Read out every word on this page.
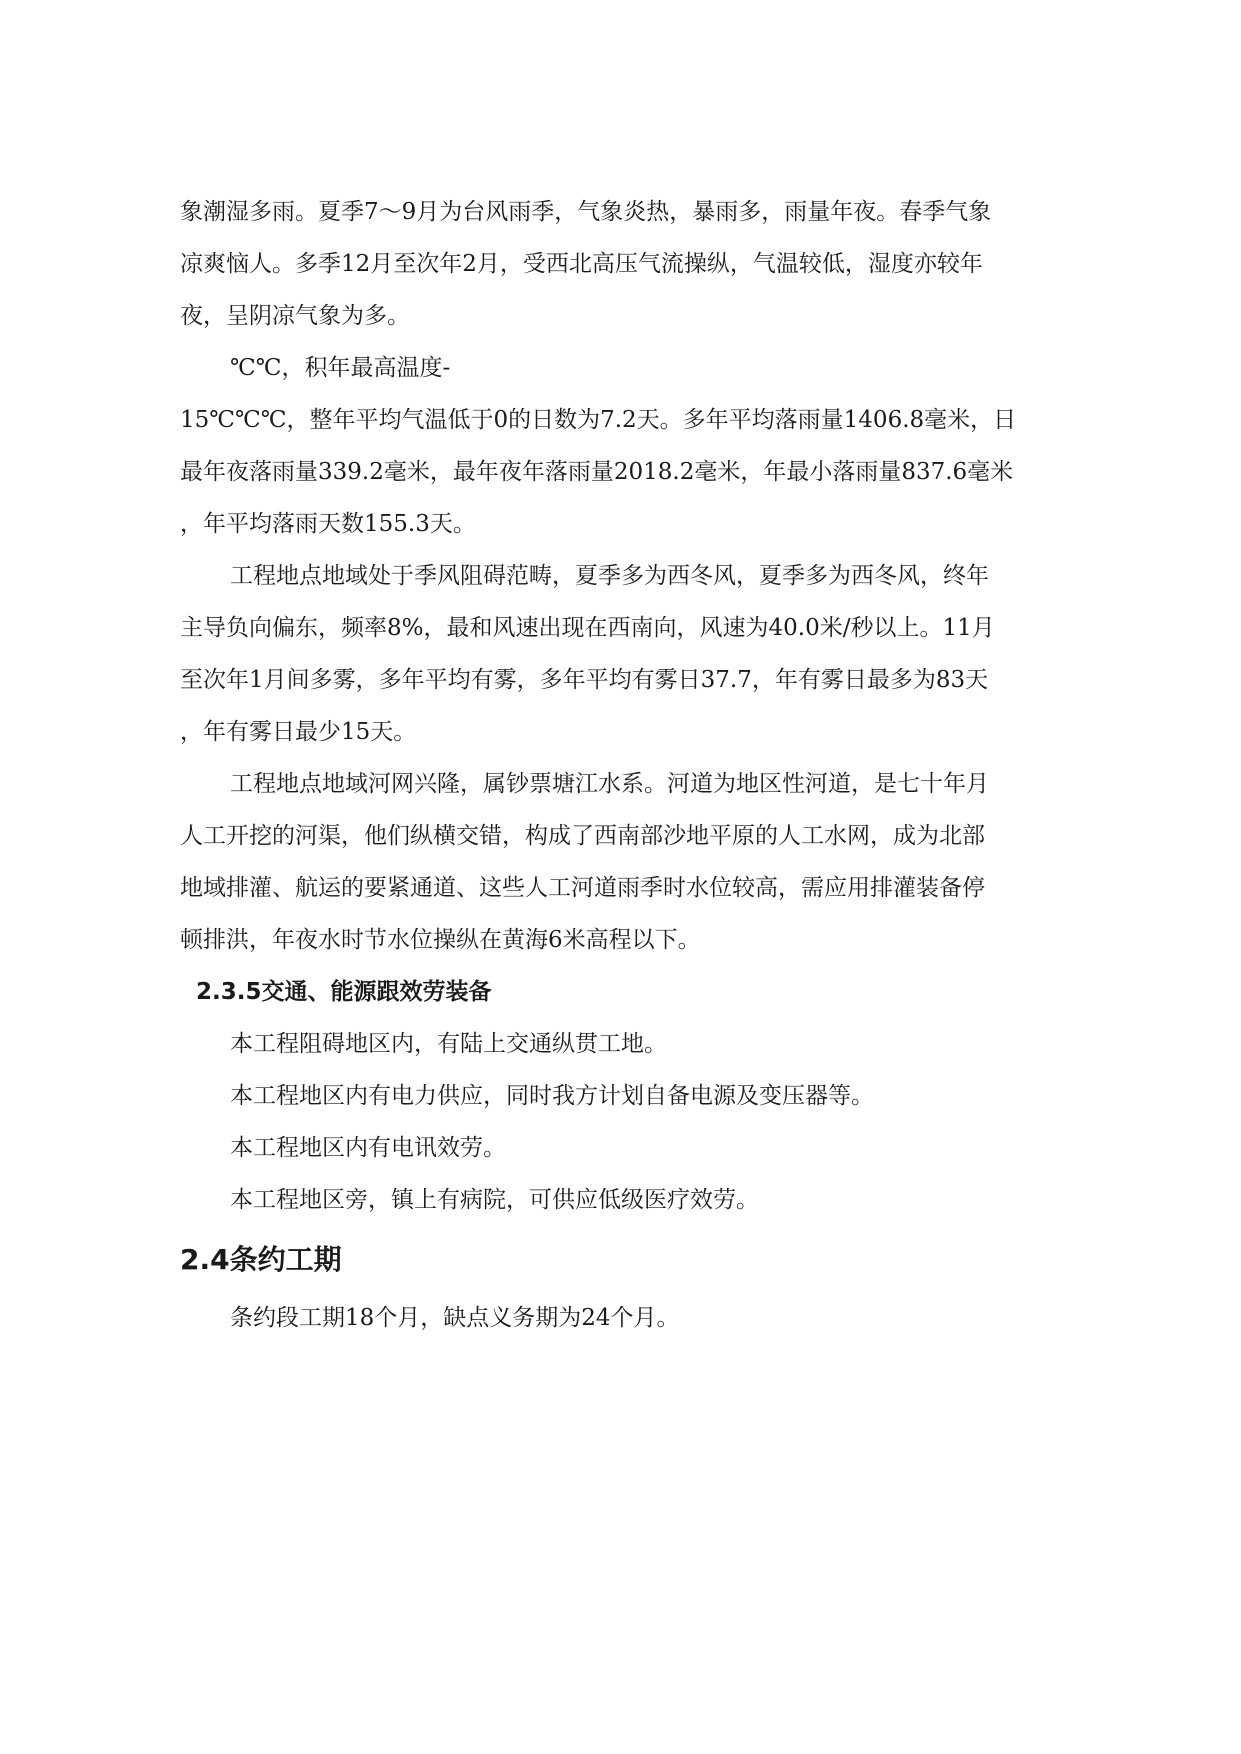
象潮湿多雨。夏季7～9月为台风雨季，气象炎热，暴雨多，雨量年夜。春季气象
凉爽恼人。多季12月至次年2月，受西北高压气流操纵，气温较低，湿度亦较年
夜，呈阴凉气象为多。
℃℃，积年最高温度-
15℃℃℃，整年平均气温低于0的日数为7.2天。多年平均落雨量1406.8毫米，日
最年夜落雨量339.2毫米，最年夜年落雨量2018.2毫米，年最小落雨量837.6毫米
，年平均落雨天数155.3天。
工程地点地域处于季风阻碍范畴，夏季多为西冬风，夏季多为西冬风，终年
主导负向偏东，频率8%，最和风速出现在西南向，风速为40.0米/秒以上。11月
至次年1月间多雾，多年平均有雾，多年平均有雾日37.7，年有雾日最多为83天
，年有雾日最少15天。
工程地点地域河网兴隆，属钞票塘江水系。河道为地区性河道，是七十年月
人工开挖的河渠，他们纵横交错，构成了西南部沙地平原的人工水网，成为北部
地域排灌、航运的要紧通道、这些人工河道雨季时水位较高，需应用排灌装备停
顿排洪，年夜水时节水位操纵在黄海6米高程以下。
2.3.5交通、能源跟效劳装备
本工程阻碍地区内，有陆上交通纵贯工地。
本工程地区内有电力供应，同时我方计划自备电源及变压器等。
本工程地区内有电讯效劳。
本工程地区旁，镇上有病院，可供应低级医疗效劳。
2.4条约工期
条约段工期18个月，缺点义务期为24个月。
